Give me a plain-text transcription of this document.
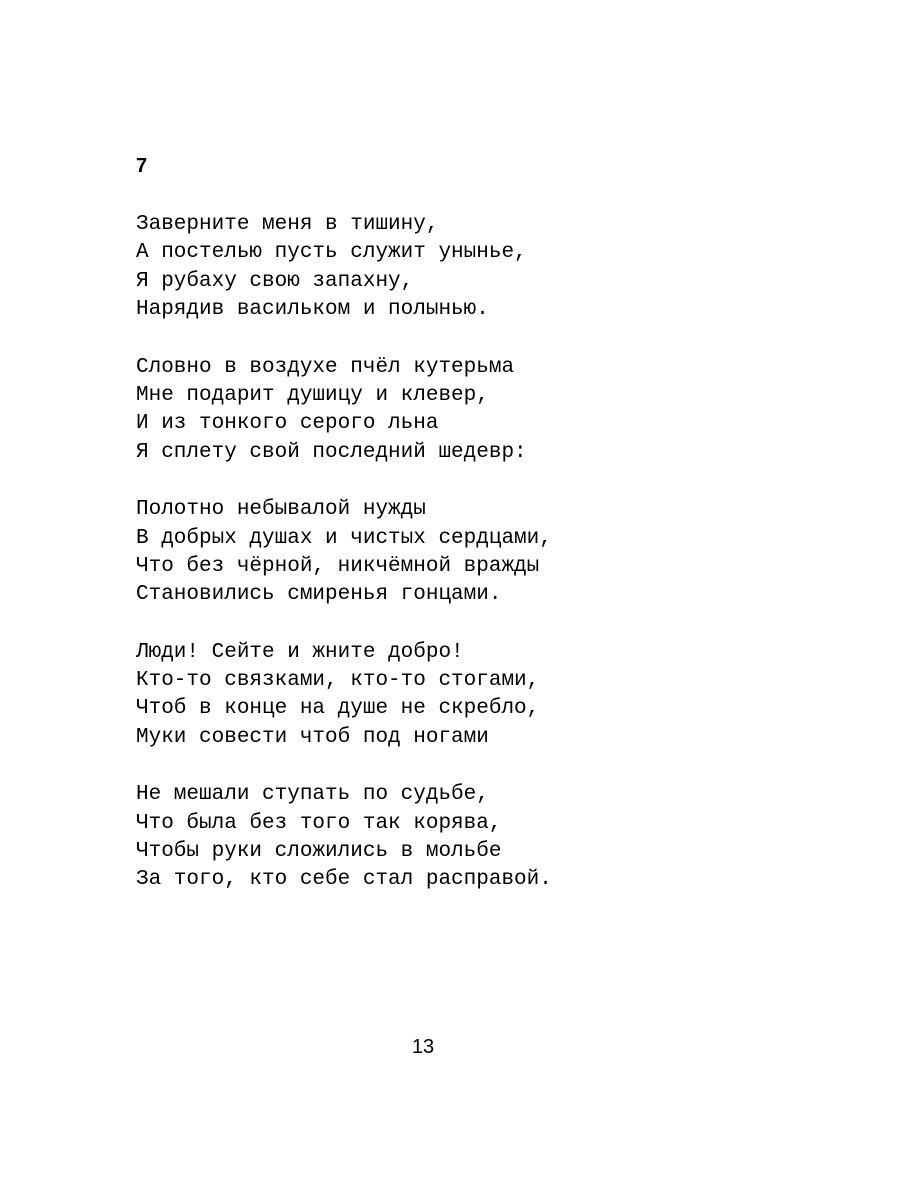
7
Заверните меня в тишину,
А постелью пусть служит уныньe,
Я рубаху свою запахну,
Нарядив васильком и полынью.
Словно в воздухе пчёл кутерьма
Мне подарит душицу и клевер,
И из тонкого серого льна
Я сплету свой последний шедевр:
Полотно небывалой нужды
В добрых душах и чистых сердцами,
Что без чёрной, никчёмной вражды
Становились смиренья гонцами.
Люди! Сейте и жните добро!
Кто-то связками, кто-то стогами,
Чтоб в конце на душе не скребло,
Муки совести чтоб под ногами
Не мешали ступать по судьбе,
Что была без того так корява,
Чтобы руки сложились в мольбе
За того, кто себе стал расправой.
13
